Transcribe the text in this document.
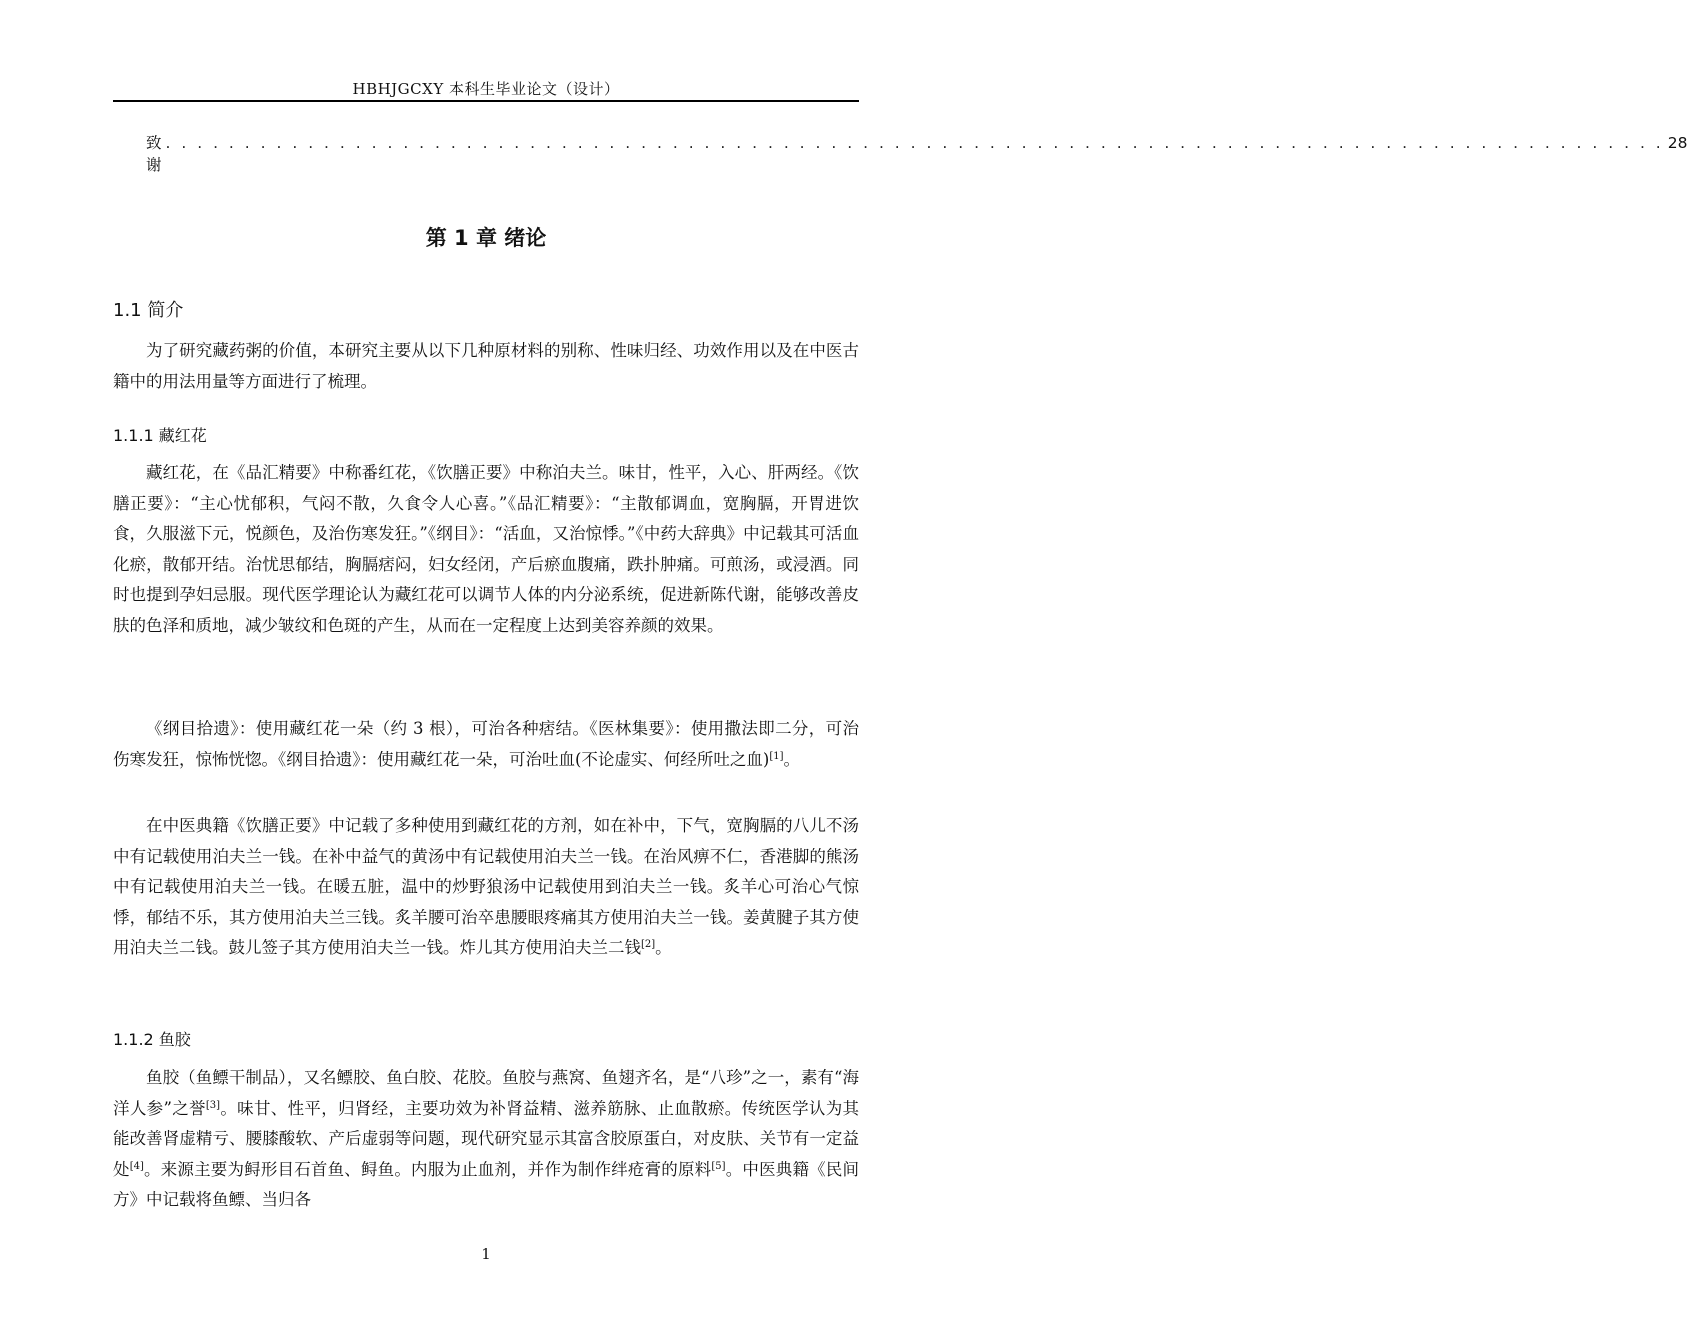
HBHJGCXY 本科生毕业论文（设计）
致谢
. . . . . . . . . . . . . . . . . . . . . . . . . . . . . . . . . . . . . . . . . . . . . . . . . . . . . . . . . . . . . . . . . . . . . . . . . . . . . . . . . . . . . . . . . . . . . . . 28
第 1 章 绪论
1.1 简介

为了研究藏药粥的价值，本研究主要从以下几种原材料的别称、性味归经、功效作用以及在中医古籍中的用法用量等方面进行了梳理。

1.1.1 藏红花

藏红花，在《品汇精要》中称番红花，《饮膳正要》中称泊夫兰。味甘，性平，入心、肝两经。《饮膳正要》：“主心忧郁积，气闷不散，久食令人心喜。”《品汇精要》：“主散郁调血，宽胸膈，开胃进饮食，久服滋下元，悦颜色，及治伤寒发狂。”《纲目》：“活血，又治惊悸。”《中药大辞典》中记载其可活血化瘀，散郁开结。治忧思郁结，胸膈痞闷，妇女经闭，产后瘀血腹痛，跌扑肿痛。可煎汤，或浸酒。同时也提到孕妇忌服。现代医学理论认为藏红花可以调节人体的内分泌系统，促进新陈代谢，能够改善皮肤的色泽和质地，减少皱纹和色斑的产生，从而在一定程度上达到美容养颜的效果。

《纲目拾遗》：使用藏红花一朵（约 3 根），可治各种痞结。《医林集要》：使用撒法即二分，可治伤寒发狂，惊怖恍惚。《纲目拾遗》：使用藏红花一朵，可治吐血(不论虚实、何经所吐之血)[1]。

在中医典籍《饮膳正要》中记载了多种使用到藏红花的方剂，如在补中，下气，宽胸膈的八儿不汤中有记载使用泊夫兰一钱。在补中益气的黄汤中有记载使用泊夫兰一钱。在治风痹不仁，香港脚的熊汤中有记载使用泊夫兰一钱。在暖五脏，温中的炒野狼汤中记载使用到泊夫兰一钱。炙羊心可治心气惊悸，郁结不乐，其方使用泊夫兰三钱。炙羊腰可治卒患腰眼疼痛其方使用泊夫兰一钱。姜黄腱子其方使用泊夫兰二钱。鼓儿签子其方使用泊夫兰一钱。炸儿其方使用泊夫兰二钱[2]。

1.1.2 鱼胶

鱼胶（鱼鳔干制品），又名鳔胶、鱼白胶、花胶。鱼胶与燕窝、鱼翅齐名，是“八珍”之一，素有“海洋人参”之誉[3]。味甘、性平，归肾经，主要功效为补肾益精、滋养筋脉、止血散瘀。传统医学认为其能改善肾虚精亏、腰膝酸软、产后虚弱等问题，现代研究显示其富含胶原蛋白，对皮肤、关节有一定益处[4]。来源主要为鲟形目石首鱼、鲟鱼。内服为止血剂，并作为制作绊疮膏的原料[5]。中医典籍《民间方》中记载将鱼鳔、当归各

1
